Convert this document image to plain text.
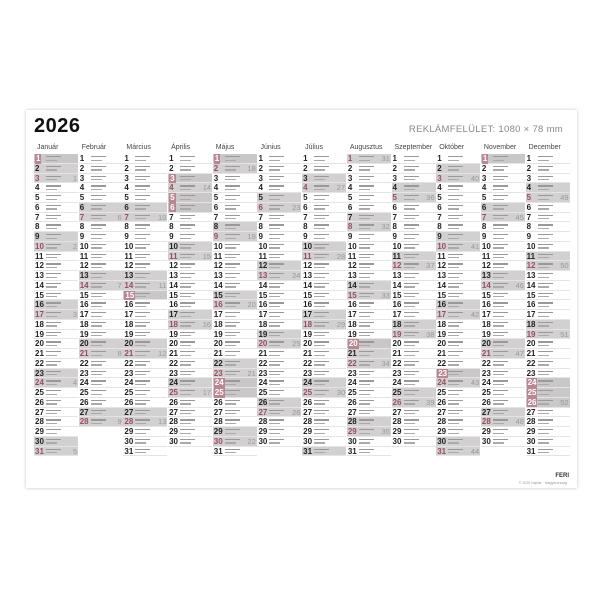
2026	REKLÁMFELÜLET: 1080 × 78 mm
Január
1
2
3	1
4
5
6
7
8
9
10	2
11
12
13
14
15
16
17	3
18
19
20
21
22
23
24	4
25
26
27
28
29
30
31	5
Február
1
2
3
4
5
6
7	6
8
9
10
11
12
13
14	7
15
16
17
18
19
20
21	8
22
23
24
25
26
27
28	9
Március
1
2
3
4
5
6
7	10
8
9
10
11
12
13
14	11
15
16
17
18
19
20
21	12
22
23
24
25
26
27
28	13
29
30
31
Április
1
2
3
4	14
5
6
7
8
9
10
11	15
12
13
14
15
16
17
18	16
19
20
21
22
23
24
25	17
26
27
28
29
30
Május
1
2	18
3
4
5
6
7
8
9	19
10
11
12
13
14
15
16	20
17
18
19
20
21
22
23	21
24
25
26
27
28
29
30	22
31
Június
1
2
3
4
5
6	23
7
8
9
10
11
12
13	24
14
15
16
17
18
19
20	25
21
22
23
24
25
26
27	26
28
29
30
Július
1
2
3
4	27
5
6
7
8
9
10
11	28
12
13
14
15
16
17
18	29
19
20
21
22
23
24
25	30
26
27
28
29
30
31
Augusztus
1	31
2
3
4
5
6
7
8	32
9
10
11
12
13
14
15	33
16
17
18
19
20
21
22	34
23
24
25
26
27
28
29	35
30
31
Szeptember
1
2
3
4
5	36
6
7
8
9
10
11
12	37
13
14
15
16
17
18
19	38
20
21
22
23
24
25
26	39
27
28
29
30
Október
1
2
3	40
4
5
6
7
8
9
10	41
11
12
13
14
15
16
17	42
18
19
20
21
22
23
24	43
25
26
27
28
29
30
31	44
November
1
2
3
4
5
6
7	45
8
9
10
11
12
13
14	46
15
16
17
18
19
20
21	47
22
23
24
25
26
27
28	48
29
30
December
1
2
3
4
5	49
6
7
8
9
10
11
12	50
13
14
15
16
17
18
19	51
20
21
22
23
24
25
26	52
27
28
29
30
31
FERI
© 2026 Naptár · Magyarország
